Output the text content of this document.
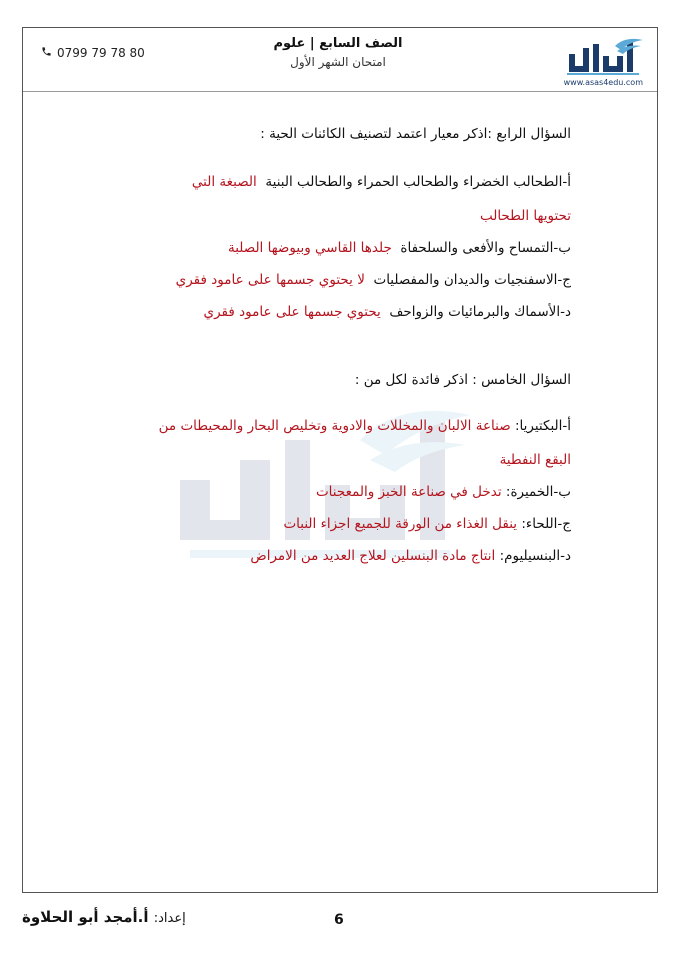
0799 79 78 80
الصف السابع | علوم
امتحان الشهر الأول
www.asas4edu.com
السؤال الرابع :اذكر معيار اعتمد لتصنيف الكائنات الحية :
أ-الطحالب الخضراء والطحالب الحمراء والطحالب البنية  الصبغة التي
تحتويها الطحالب
ب-التمساح والأفعى والسلحفاة  جلدها القاسي وبيوضها الصلبة
ج-الاسفنجيات والديدان والمفصليات  لا يحتوي جسمها على عامود فقري
د-الأسماك والبرمائيات والزواحف  يحتوي جسمها على عامود فقري
السؤال الخامس : اذكر فائدة لكل من :
أ-البكتيريا: صناعة الالبان والمخللات والادوية وتخليص البحار والمحيطات من
البقع النفطية
ب-الخميرة: تدخل في صناعة الخبز والمعجنات
ج-اللحاء: ينقل الغذاء من الورقة للجميع اجزاء النبات
د-البنسيليوم: انتاج مادة البنسلين لعلاج العديد من الامراض
إعداد: أ.أمجد أبو الحلاوة	6
